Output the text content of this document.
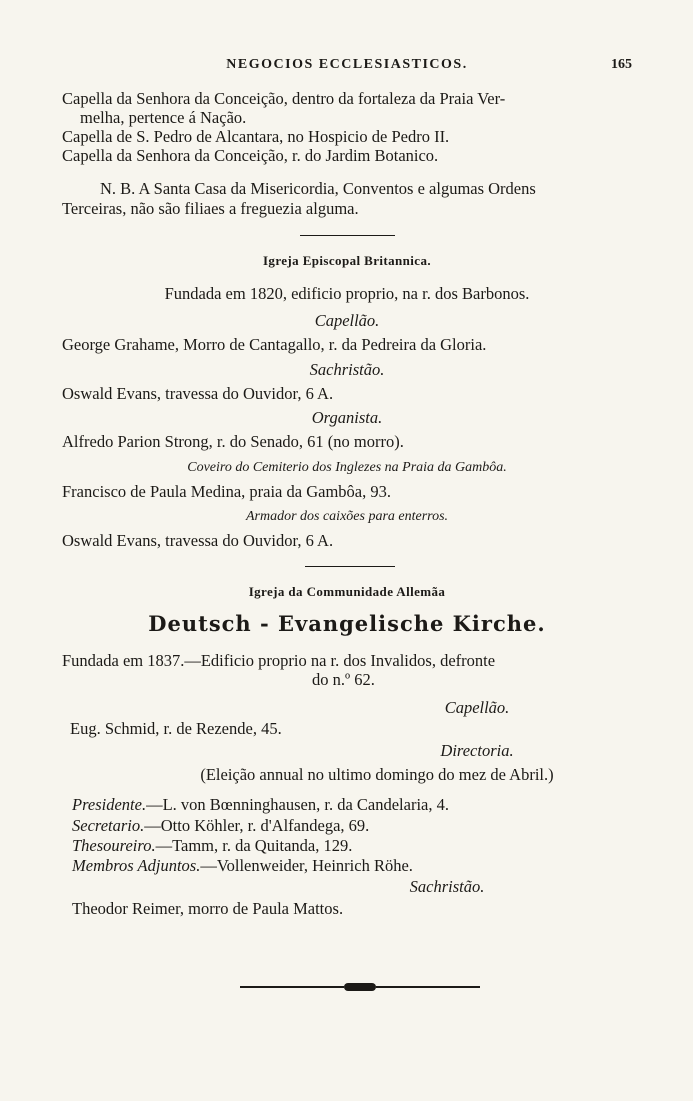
NEGOCIOS ECCLESIASTICOS.	165
Capella da Senhora da Conceição, dentro da fortaleza da Praia Ver-
melha, pertence á Nação.
Capella de S. Pedro de Alcantara, no Hospicio de Pedro II.
Capella da Senhora da Conceição, r. do Jardim Botanico.
N. B. A Santa Casa da Misericordia, Conventos e algumas Ordens
Terceiras, não são filiaes a freguezia alguma.
Igreja Episcopal Britannica.
Fundada em 1820, edificio proprio, na r. dos Barbonos.
Capellão.
George Grahame, Morro de Cantagallo, r. da Pedreira da Gloria.
Sachristão.
Oswald Evans, travessa do Ouvidor, 6 A.
Organista.
Alfredo Parion Strong, r. do Senado, 61 (no morro).
Coveiro do Cemiterio dos Inglezes na Praia da Gambôa.
Francisco de Paula Medina, praia da Gambôa, 93.
Armador dos caixões para enterros.
Oswald Evans, travessa do Ouvidor, 6 A.
Igreja da Communidade Allemãa
Deutsch - Evangelische Kirche.
Fundada em 1837.—Edificio proprio na r. dos Invalidos, defronte
do n.º 62.
Capellão.
Eug. Schmid, r. de Rezende, 45.
Directoria.
(Eleição annual no ultimo domingo do mez de Abril.)
Presidente.—L. von Bœnninghausen, r. da Candelaria, 4.
Secretario.—Otto Köhler, r. d'Alfandega, 69.
Thesoureiro.—Tamm, r. da Quitanda, 129.
Membros Adjuntos.—Vollenweider, Heinrich Röhe.
Sachristão.
Theodor Reimer, morro de Paula Mattos.
